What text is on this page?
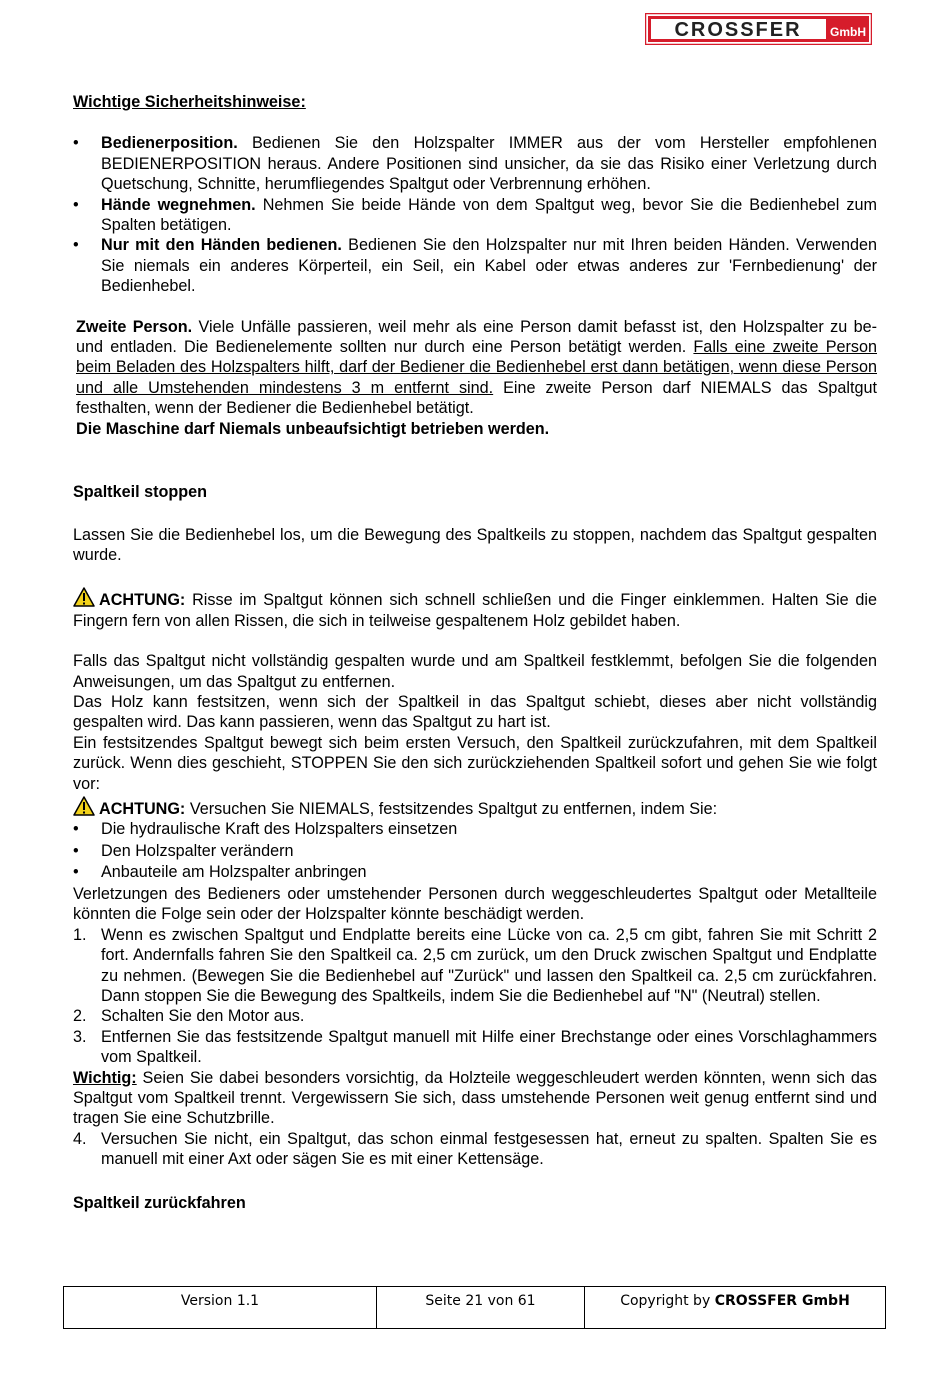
CROSSFER GmbH

Wichtige Sicherheitshinweise:

• Bedienerposition. Bedienen Sie den Holzspalter IMMER aus der vom Hersteller empfohlenen BEDIENERPOSITION heraus. Andere Positionen sind unsicher, da sie das Risiko einer Verletzung durch Quetschung, Schnitte, herumfliegendes Spaltgut oder Verbrennung erhöhen.
• Hände wegnehmen. Nehmen Sie beide Hände von dem Spaltgut weg, bevor Sie die Bedienhebel zum Spalten betätigen.
• Nur mit den Händen bedienen. Bedienen Sie den Holzspalter nur mit Ihren beiden Händen. Verwenden Sie niemals ein anderes Körperteil, ein Seil, ein Kabel oder etwas anderes zur 'Fernbedienung' der Bedienhebel.
Zweite Person. Viele Unfälle passieren, weil mehr als eine Person damit befasst ist, den Holzspalter zu be- und entladen. Die Bedienelemente sollten nur durch eine Person betätigt werden. Falls eine zweite Person beim Beladen des Holzspalters hilft, darf der Bediener die Bedienhebel erst dann betätigen, wenn diese Person und alle Umstehenden mindestens 3 m entfernt sind. Eine zweite Person darf NIEMALS das Spaltgut festhalten, wenn der Bediener die Bedienhebel betätigt.
Die Maschine darf Niemals unbeaufsichtigt betrieben werden.

Spaltkeil stoppen

Lassen Sie die Bedienhebel los, um die Bewegung des Spaltkeils zu stoppen, nachdem das Spaltgut gespalten wurde.

ACHTUNG: Risse im Spaltgut können sich schnell schließen und die Finger einklemmen. Halten Sie die Fingern fern von allen Rissen, die sich in teilweise gespaltenem Holz gebildet haben.

Falls das Spaltgut nicht vollständig gespalten wurde und am Spaltkeil festklemmt, befolgen Sie die folgenden Anweisungen, um das Spaltgut zu entfernen.

Das Holz kann festsitzen, wenn sich der Spaltkeil in das Spaltgut schiebt, dieses aber nicht vollständig gespalten wird. Das kann passieren, wenn das Spaltgut zu hart ist.

Ein festsitzendes Spaltgut bewegt sich beim ersten Versuch, den Spaltkeil zurückzufahren, mit dem Spaltkeil zurück. Wenn dies geschieht, STOPPEN Sie den sich zurückziehenden Spaltkeil sofort und gehen Sie wie folgt vor:

ACHTUNG: Versuchen Sie NIEMALS, festsitzendes Spaltgut zu entfernen, indem Sie:

• Die hydraulische Kraft des Holzspalters einsetzen
• Den Holzspalter verändern
• Anbauteile am Holzspalter anbringen

Verletzungen des Bedieners oder umstehender Personen durch weggeschleudertes Spaltgut oder Metallteile könnten die Folge sein oder der Holzspalter könnte beschädigt werden.

1. Wenn es zwischen Spaltgut und Endplatte bereits eine Lücke von ca. 2,5 cm gibt, fahren Sie mit Schritt 2 fort. Andernfalls fahren Sie den Spaltkeil ca. 2,5 cm zurück, um den Druck zwischen Spaltgut und Endplatte zu nehmen. (Bewegen Sie die Bedienhebel auf "Zurück" und lassen den Spaltkeil ca. 2,5 cm zurückfahren. Dann stoppen Sie die Bewegung des Spaltkeils, indem Sie die Bedienhebel auf "N" (Neutral) stellen.
2. Schalten Sie den Motor aus.
3. Entfernen Sie das festsitzende Spaltgut manuell mit Hilfe einer Brechstange oder eines Vorschlaghammers vom Spaltkeil.

Wichtig: Seien Sie dabei besonders vorsichtig, da Holzteile weggeschleudert werden könnten, wenn sich das Spaltgut vom Spaltkeil trennt. Vergewissern Sie sich, dass umstehende Personen weit genug entfernt sind und tragen Sie eine Schutzbrille.

4. Versuchen Sie nicht, ein Spaltgut, das schon einmal festgesessen hat, erneut zu spalten. Spalten Sie es manuell mit einer Axt oder sägen Sie es mit einer Kettensäge.

Spaltkeil zurückfahren

Version 1.1	Seite 21 von 61	Copyright by CROSSFER GmbH
